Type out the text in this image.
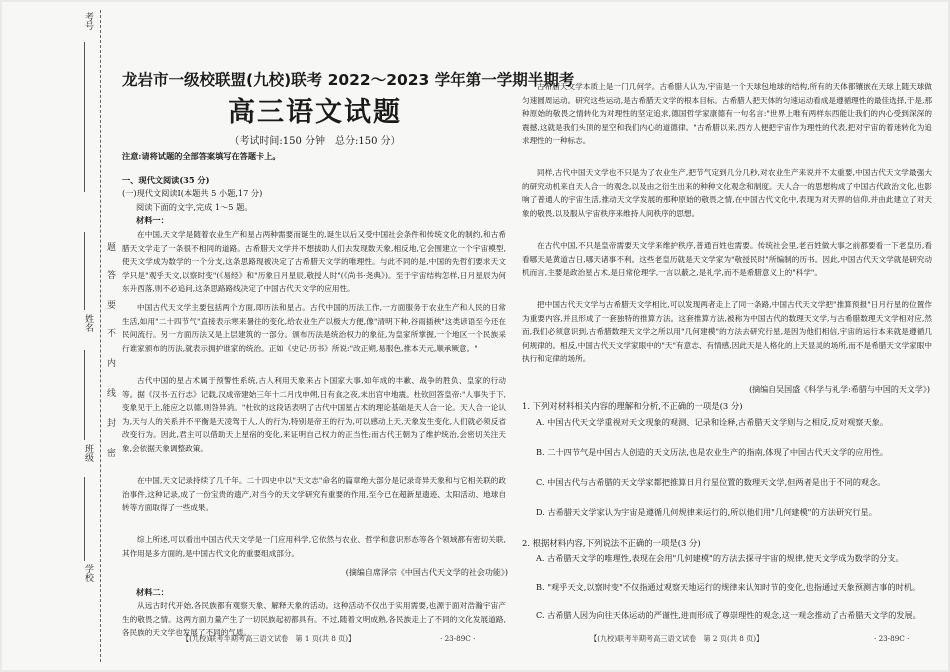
考号
姓名
班级
学校
题
答
要
不
内
线
封
密
龙岩市一级校联盟(九校)联考 2022～2023 学年第一学期半期考
高三语文试题
（考试时间:150 分钟　总分:150 分）
注意:请将试题的全部答案填写在答题卡上。
一、现代文阅读(35 分)
(一)现代文阅读Ⅰ(本题共 5 小题,17 分)
阅读下面的文字,完成 1～5 题。
材料一：

在中国,天文学是随着农业生产和星占两种需要而诞生的,诞生以后又受中国社会条件和传统文化的制约,和古希腊天文学走了一条很不相同的道路。古希腊天文学并不想拔助人们去发现数天象,相反地,它会围建立一个宇宙模型,使天文学成为数学的一个分支,这条思路现被决定了古希腊天文学的唯理性。与此不同的是,中国的先哲们要求天文学只是"观乎天文,以察时变"(《易经》和"历象日月星辰,敬授人时"(《尚书·尧典》)。至于宇宙结构怎样,日月星辰为何东升西落,则不必追问,这条思路路线决定了中国古代天文学的应用性。

中国古代天文学主要包括两个方面,即历法和星占。古代中国的历法工作,一方面服务于农业生产和人民的日常生活,如用"二十四节气"直接表示寒来暑往的变化,给农业生产以极大方便,像"清明下种,谷雨插秧"这类谚语至今还在民间流行。另一方面历法又是上层建筑的一部分。颁布历法是统治权力的象征,为皇家所掌握,一个地区一个民族采行谁家颁布的历法,就表示拥护谁家的统治。正如《史记·历书》所说:"改正朔,易服色,推本天元,顺承厥意。"

古代中国的星占术属于预警性系统,古人利用天象来占卜国家大事,如年成的丰歉、战争的胜负、皇家的行动等。据《汉书·五行志》记载,汉成帝建始三年十二月戊申朔,日有食之夜,未出宫中地震。杜钦回答皇帝:"人事失于下,变象见于上,能应之以德,则咎异消。"杜钦的这段话表明了古代中国星占术的理论基础是天人合一论。天人合一论认为,天与人的关系并不平衡是天凌驾于人,人的行为,特别是帝王的行为,可以感动上天,天象发生变化,人们就必须反省改变行为。因此,君主可以借助天上星宿的变化,来证明自己权力的正当性;而古代王朝为了维护统治,会密切关注天象,会依据天象调整政策。

在中国,天文记录持续了几千年。二十四史中以"天文志"命名的篇章绝大部分是记录奇异天象和与它相关联的政治事件,这种记录,成了一份宝贵的遗产,对当今的天文学研究有重要的作用,至今已在超新星遗迹、太阳活动、地球自转等方面取得了一些成果。

综上所述,可以看出中国古代天文学是一门应用科学,它依然与农业、哲学和意识形态等各个领域都有密切关联,其作用是多方面的,是中国古代文化的重要组成部分。

(摘编自席泽宗《中国古代天文学的社会功能》)
材料二：

从远古时代开始,各民族都有观察天象、解释天象的活动。这种活动不仅出于实用需要,也源于面对浩瀚宇宙产生的敬畏之情。这两方面力量产生了一切民族起初都具有。不过,随着文明成熟,各民族走上了不同的文化发展道路,各民族的天文学也发展了不同的气质。

【(九校)联考半期考高三语文试卷　第 1 页(共 8 页)】	· 23-89C ·

古希腊天文学本质上是一门几何学。古希腊人认为,宇宙是一个天球包地球的结构,所有的天体都镶嵌在天球上随天球做匀速圆周运动。研究这些运动,是古希腊天文学的根本目标。古希腊人把天体的匀速运动看成是遵循理性的最佳选择,于是,那种原始的敬畏之情转化为对理性的坚定追求,德国哲学家康德有一句名言:"世界上唯有两样东西能让我们的内心受到深深的震撼,这就是我们头顶的星空和我们内心的道德律。"古希腊以来,西方人便把宇宙作为理性的代表,把对宇宙的着迷转化为追求理性的一种标志。

同样,古代中国天文学也不只是为了农业生产,把节气定到几分几秒,对农业生产来说并不太重要,中国古代天文学最强大的研究动机来自天人合一的观念,以及由之衍生出来的种种文化观念和制度。天人合一的思想构成了中国古代政治文化,也影响了普通人的宇宙生活,推动天文学发展的那种原始的敬畏之情,在中国古代文化中,表现为对天界的信仰,并由此建立了对天象的敬畏,以及服从宇宙秩序来维持人间秩序的思想。

在古代中国,不只是皇帝需要天文学来维护秩序,普通百姓也需要。传统社会里,老百姓做大事之前都要看一下老皇历,看看哪天是黄道吉日,哪天诸事不利。这些老皇历就是天文学家为"敬授民时"所编制的历书。因此,中国古代天文学就是研究动机而言,主要是政治星占术,是日常伦理学,一言以蔽之,是礼学,而不是希腊意义上的"科学"。

把中国古代天文学与古希腊天文学相比,可以发现两者走上了同一条路,中国古代天文学把"推算预报"日月行星的位置作为重要内容,并且形成了一套独特的推算方法。这套推算方法,被称为中国古代的数理天文学,与古希腊数理天文学相对应,然而,我们必须意识到,古希腊数理天文学之所以用"几何建模"的方法去研究行星,是因为他们相信,宇宙的运行本来就是遵循几何规律的。相反,中国古代天文学家眼中的"天"有意志、有情感,因此天是人格化的上天显灵的场所,而不是希腊天文学家眼中执行和定律的场所。

(摘编自吴国盛《科学与礼学:希腊与中国的天文学》)
1. 下列对材料相关内容的理解和分析,不正确的一项是(3 分)
A. 中国古代天文学重视对天文现象的观测、记录和诠释,古希腊天文学则与之相反,反对观察天象。
B. 二十四节气是中国古人创造的天文历法,也是农业生产的指南,体现了中国古代天文学的应用性。
C. 中国古代与古希腊的天文学家都把推算日月行星位置的数理天文学,但两者是出于不同的观念。
D. 古希腊天文学家认为宇宙是遵循几何规律来运行的,所以他们用"几何建模"的方法研究行星。
2. 根据材料内容,下列说法不正确的一项是(3 分)
A. 古希腊天文学的唯理性,表现在会用"几何建模"的方法去探寻宇宙的规律,使天文学成为数学的分支。
B. "观乎天文,以察时变"不仅指通过观察天地运行的规律来认知时节的变化,也指通过天象预测吉事的时机。
C. 古希腊人因为向往天体运动的严谨性,进而形成了尊崇理性的观念,这一观念推动了古希腊天文学的发展。
【(九校)联考半期考高三语文试卷　第 2 页(共 8 页)】	· 23-89C ·
